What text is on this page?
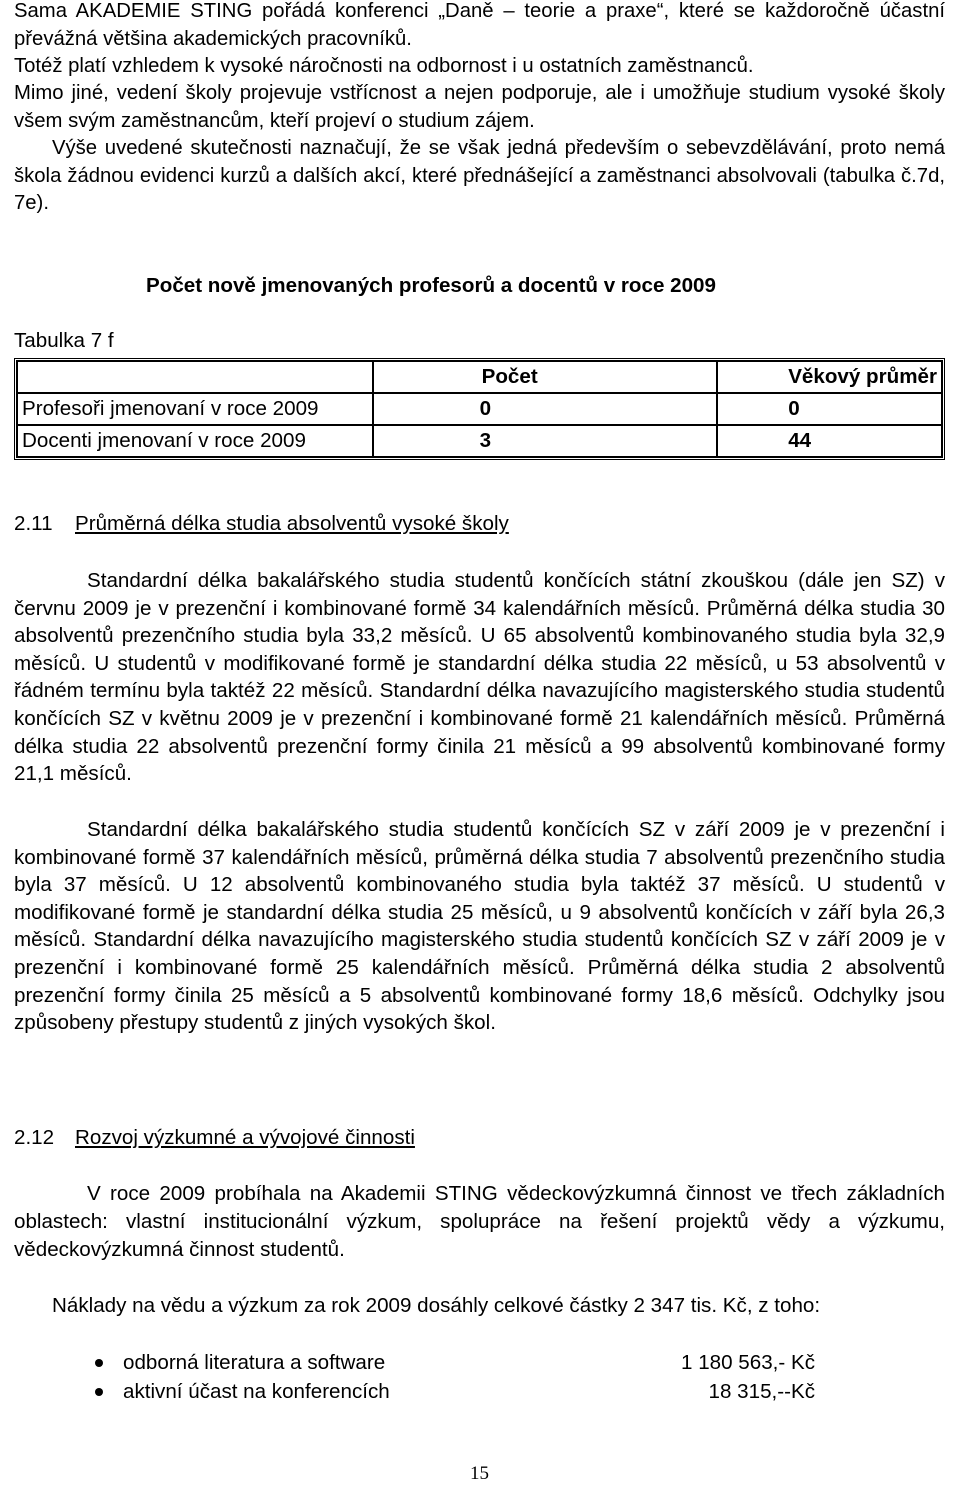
Sama AKADEMIE STING pořádá konferenci „Daně – teorie a praxe“, které se každoročně účastní převážná většina akademických pracovníků.
Totéž platí vzhledem k vysoké náročnosti na odbornost i u ostatních zaměstnanců.
Mimo jiné, vedení školy projevuje vstřícnost a nejen podporuje, ale i umožňuje studium vysoké školy všem svým zaměstnancům, kteří projeví o studium zájem.
Výše uvedené skutečnosti naznačují, že se však jedná především o sebevzdělávání, proto nemá škola žádnou evidenci kurzů a dalších akcí, které přednášející a zaměstnanci absolvovali (tabulka č.7d, 7e).
Počet nově jmenovaných profesorů a docentů v roce 2009
Tabulka 7 f
	Počet	Věkový průměr
Profesoři jmenovaní v roce 2009	0	0
Docenti jmenovaní v roce 2009	3	44
2.11 Průměrná délka studia absolventů vysoké školy
Standardní délka bakalářského studia studentů končících státní zkouškou (dále jen SZ) v červnu 2009 je v prezenční i kombinované formě 34 kalendářních měsíců. Průměrná délka studia 30 absolventů prezenčního studia byla 33,2 měsíců. U 65 absolventů kombinovaného studia byla 32,9 měsíců. U studentů v modifikované formě je standardní délka studia 22 měsíců, u 53 absolventů v řádném termínu byla taktéž 22 měsíců. Standardní délka navazujícího magisterského studia studentů končících SZ v květnu 2009 je v prezenční i kombinované formě 21 kalendářních měsíců. Průměrná délka studia 22 absolventů prezenční formy činila 21 měsíců a 99 absolventů kombinované formy 21,1 měsíců.
Standardní délka bakalářského studia studentů končících SZ v září 2009 je v prezenční i kombinované formě 37 kalendářních měsíců, průměrná délka studia 7 absolventů prezenčního studia byla 37 měsíců. U 12 absolventů kombinovaného studia byla taktéž 37 měsíců. U studentů v modifikované formě je standardní délka studia 25 měsíců, u 9 absolventů končících v září byla 26,3 měsíců. Standardní délka navazujícího magisterského studia studentů končících SZ v září 2009 je v prezenční i kombinované formě 25 kalendářních měsíců. Průměrná délka studia 2 absolventů prezenční formy činila 25 měsíců a 5 absolventů kombinované formy 18,6 měsíců. Odchylky jsou způsobeny přestupy studentů z jiných vysokých škol.
2.12 Rozvoj výzkumné a vývojové činnosti
V roce 2009 probíhala na Akademii STING vědeckovýzkumná činnost ve třech základních oblastech: vlastní institucionální výzkum, spolupráce na řešení projektů vědy a výzkumu, vědeckovýzkumná činnost studentů.
Náklady na vědu a výzkum za rok 2009 dosáhly celkové částky 2 347 tis. Kč, z toho:
odborná literatura a software	1 180 563,- Kč
aktivní účast na konferencích	18 315,--Kč
15
